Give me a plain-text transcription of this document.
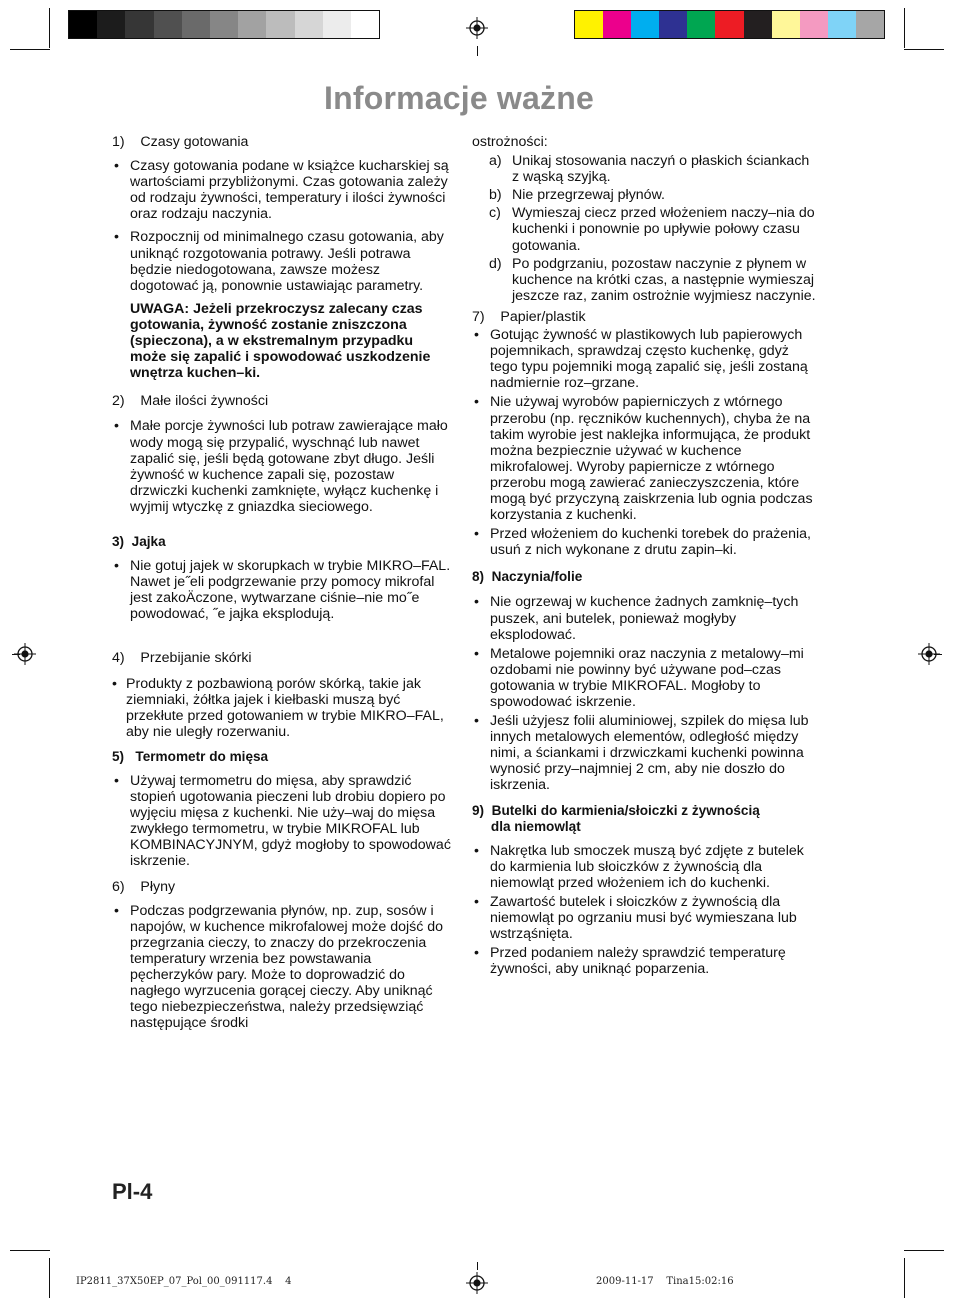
Informacje ważne

1)    Czasy gotowania

• Czasy gotowania podane w książce kucharskiej są wartościami przybliżonymi. Czas gotowania zależy od rodzaju żywności, temperatury i ilości żywności oraz rodzaju naczynia.

• Rozpocznij od minimalnego czasu gotowania, aby uniknąć rozgotowania potrawy. Jeśli potrawa będzie niedogotowana, zawsze możesz dogotować ją, ponownie ustawiając parametry.

UWAGA: Jeżeli przekroczysz zalecany czas gotowania, żywność zostanie zniszczona (spieczona), a w ekstremalnym przypadku może się zapalić i spowodować uszkodzenie wnętrza kuchen–ki.

2)    Małe ilości żywności

• Małe porcje żywności lub potraw zawierające mało wody mogą się przypalić, wyschnąć lub nawet zapalić się, jeśli będą gotowane zbyt długo. Jeśli żywność w kuchence zapali się, pozostaw drzwiczki kuchenki zamknięte, wyłącz kuchenkę i wyjmij wtyczkę z gniazdka sieciowego.

3)  Jajka

• Nie gotuj jajek w skorupkach w trybie MIKRO–FAL. Nawet je˝eli podgrzewanie przy pomocy mikrofal jest zakoÄczone, wytwarzane ciśnie–nie mo˝e powodować, ˝e jajka eksplodują.

4)    Przebijanie skórki

• Produkty z pozbawioną porów skórką, takie jak ziemniaki, żółtka jajek i kiełbaski muszą być przekłute przed gotowaniem w trybie MIKRO–FAL, aby nie uległy rozerwaniu.

5)   Termometr do mięsa

• Używaj termometru do mięsa, aby sprawdzić stopień ugotowania pieczeni lub drobiu dopiero po wyjęciu mięsa z kuchenki. Nie uży–waj do mięsa zwykłego termometru, w trybie MIKROFAL lub KOMBINACYJNYM, gdyż mogłoby to spowodować iskrzenie.

6)    Płyny

• Podczas podgrzewania płynów, np. zup, sosów i napojów, w kuchence mikrofalowej może dojść do przegrzania cieczy, to znaczy do przekroczenia temperatury wrzenia bez powstawania pęcherzyków pary. Może to doprowadzić do nagłego wyrzucenia gorącej cieczy. Aby uniknąć tego niebezpieczeństwa, należy przedsięwziąć następujące środki

ostrożności:

a) Unikaj stosowania naczyń o płaskich ściankach z wąską szyjką.

b) Nie przegrzewaj płynów.

c) Wymieszaj ciecz przed włożeniem naczy–nia do kuchenki i ponownie po upływie połowy czasu gotowania.

d) Po podgrzaniu, pozostaw naczynie z płynem w kuchence na krótki czas, a następnie wymieszaj jeszcze raz, zanim ostrożnie wyjmiesz naczynie.

7)    Papier/plastik

• Gotując żywność w plastikowych lub papierowych pojemnikach, sprawdzaj często kuchenkę, gdyż tego typu pojemniki mogą zapalić się, jeśli zostaną nadmiernie roz–grzane.

• Nie używaj wyrobów papierniczych z wtórnego przerobu (np. ręczników kuchennych), chyba że na takim wyrobie jest naklejka informująca, że produkt można bezpiecznie używać w kuchence mikrofalowej. Wyroby papiernicze z wtórnego przerobu mogą zawierać zanieczyszczenia, które mogą być przyczyną zaiskrzenia lub ognia podczas korzystania z kuchenki.

• Przed włożeniem do kuchenki torebek do prażenia, usuń z nich wykonane z drutu zapin–ki.

8)  Naczynia/folie

• Nie ogrzewaj w kuchence żadnych zamknię–tych puszek, ani butelek, ponieważ mogłyby eksplodować.

• Metalowe pojemniki oraz naczynia z metalowy–mi ozdobami nie powinny być używane pod–czas gotowania w trybie MIKROFAL. Mogłoby to spowodować iskrzenie.

• Jeśli użyjesz folii aluminiowej, szpilek do mięsa lub innych metalowych elementów, odległość między nimi, a ściankami i drzwiczkami kuchenki powinna wynosić przy–najmniej 2 cm, aby nie doszło do iskrzenia.

9)  Butelki do karmienia/słoiczki z żywnością
dla niemowląt

• Nakrętka lub smoczek muszą być zdjęte z butelek do karmienia lub słoiczków z żywnością dla niemowląt przed włożeniem ich do kuchenki.

• Zawartość butelek i słoiczków z żywnością dla niemowląt po ogrzaniu musi być wymieszana lub wstrząśnięta.

• Przed podaniem należy sprawdzić temperaturę żywności, aby uniknąć poparzenia.

Pl-4
IP2811_37X50EP_07_Pol_00_091117.4    4	2009-11-17    Tina15:02:16
